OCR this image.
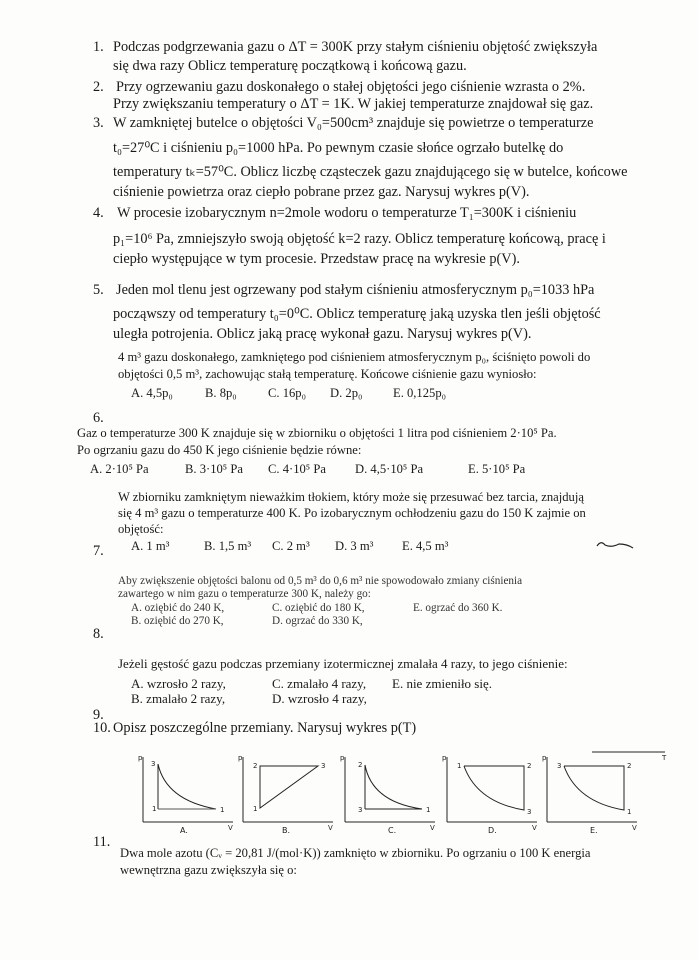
1. Podczas podgrzewania gazu o ΔT = 300K przy stałym ciśnieniu objętość zwiększyła
się dwa razy Oblicz temperaturę początkową i końcową gazu.
2. Przy ogrzewaniu gazu doskonałego o stałej objętości jego ciśnienie wzrasta o 2%.
Przy zwiększaniu temperatury o ΔT = 1K. W jakiej temperaturze znajdował się gaz.
3. W zamkniętej butelce o objętości V₀=500cm³ znajduje się powietrze o temperaturze
t₀=27⁰C i ciśnieniu p₀=1000 hPa. Po pewnym czasie słońce ogrzało butelkę do
temperatury tₖ=57⁰C. Oblicz liczbę cząsteczek gazu znajdującego się w butelce, końcowe
ciśnienie powietrza oraz ciepło pobrane przez gaz. Narysuj wykres p(V).
4. W procesie izobarycznym n=2mole wodoru o temperaturze T₁=300K i ciśnieniu
p₁=10⁶ Pa, zmniejszyło swoją objętość k=2 razy. Oblicz temperaturę końcową, pracę i
ciepło występujące w tym procesie. Przedstaw pracę na wykresie p(V).
5. Jeden mol tlenu jest ogrzewany pod stałym ciśnieniu atmosferycznym p₀=1033 hPa
począwszy od temperatury t₀=0⁰C. Oblicz temperaturę jaką uzyska tlen jeśli objętość
uległa potrojenia. Oblicz jaką pracę wykonał gazu. Narysuj wykres p(V).
4 m³ gazu doskonałego, zamkniętego pod ciśnieniem atmosferycznym p₀, ściśnięto powoli do
objętości 0,5 m³, zachowując stałą temperaturę. Końcowe ciśnienie gazu wyniosło:
A. 4,5p₀	B. 8p₀ C. 16p₀ D. 2p₀ E. 0,125p₀
6.
Gaz o temperaturze 300 K znajduje się w zbiorniku o objętości 1 litra pod ciśnieniem 2·10⁵ Pa.
Po ogrzaniu gazu do 450 K jego ciśnienie będzie równe:
A. 2·10⁵ Pa	B. 3·10⁵ Pa C. 4·10⁵ Pa D. 4,5·10⁵ Pa	E. 5·10⁵ Pa
W zbiorniku zamkniętym nieważkim tłokiem, który może się przesuwać bez tarcia, znajdują
się 4 m³ gazu o temperaturze 400 K. Po izobarycznym ochłodzeniu gazu do 150 K zajmie on
objętość:
7. A. 1 m³	B. 1,5 m³ C. 2 m³ D. 3 m³ E. 4,5 m³
Aby zwiększenie objętości balonu od 0,5 m³ do 0,6 m³ nie spowodowało zmiany ciśnienia
zawartego w nim gazu o temperaturze 300 K, należy go:
A. oziębić do 240 K,
B. oziębić do 270 K,
C. oziębić do 180 K,
D. ogrzać do 330 K,
E. ogrzać do 360 K.
8.
Jeżeli gęstość gazu podczas przemiany izotermicznej zmalała 4 razy, to jego ciśnienie:
A. wzrosło 2 razy,
B. zmalało 2 razy,
C. zmalało 4 razy,
D. wzrosło 4 razy,
E. nie zmieniło się.
9.
10. Opisz poszczególne przemiany. Narysuj wykres p(T)
T
p
V
3
1
1
A.
p
V
2	3
1
B.
p
V
2
1
3
C.
p
V
1	2
3
D.
p
V
3	2
1
E.
11.
Dwa mole azotu (Cᵥ = 20,81 J/(mol·K)) zamknięto w zbiorniku. Po ogrzaniu o 100 K energia
wewnętrzna gazu zwiększyła się o:
